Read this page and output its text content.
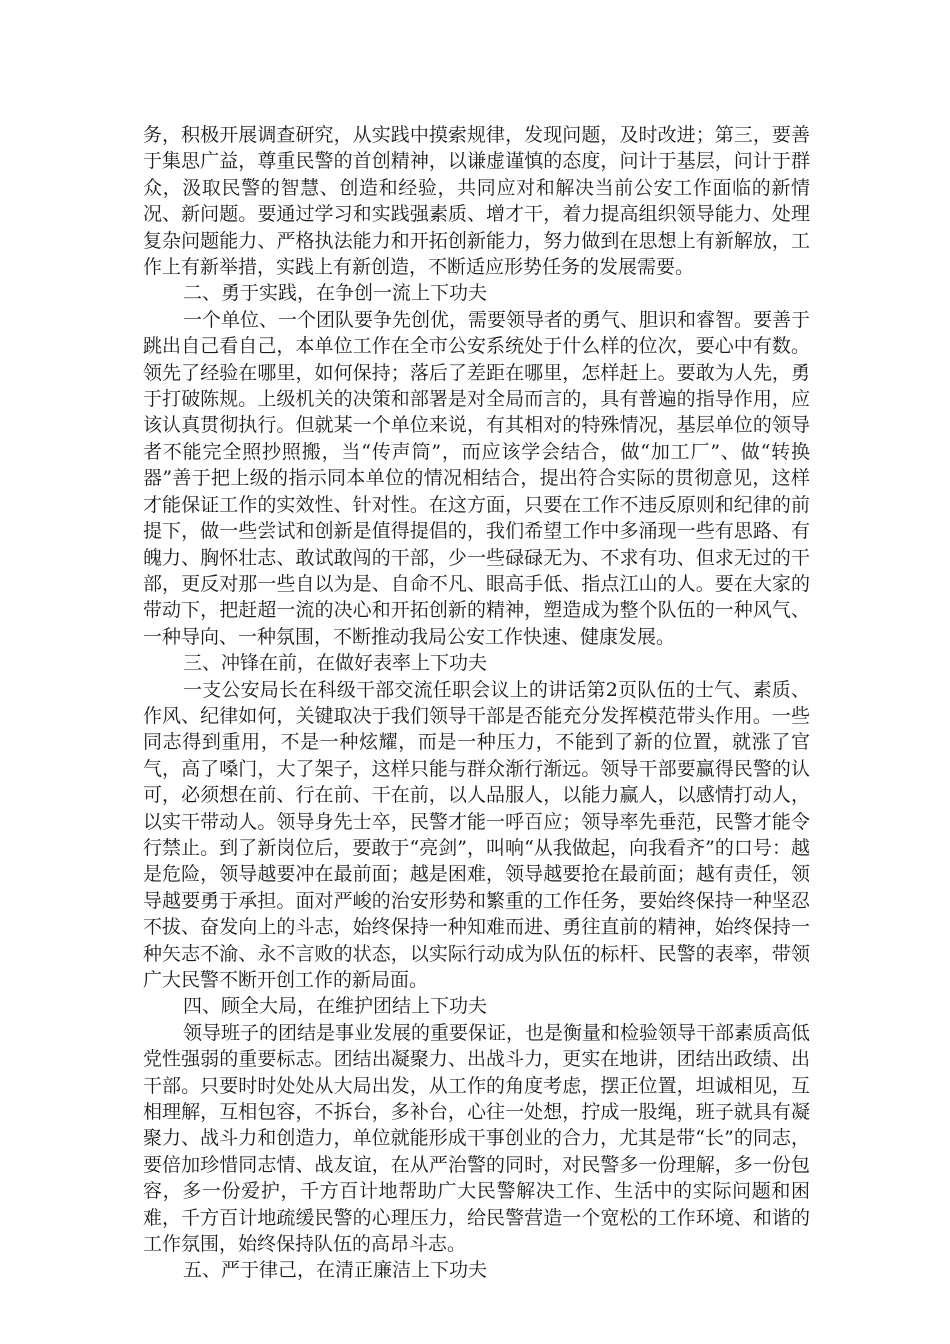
务，积极开展调查研究，从实践中摸索规律，发现问题，及时改进；第三，要善于集思广益，尊重民警的首创精神，以谦虚谨慎的态度，问计于基层，问计于群众，汲取民警的智慧、创造和经验，共同应对和解决当前公安工作面临的新情况、新问题。要通过学习和实践强素质、增才干，着力提高组织领导能力、处理复杂问题能力、严格执法能力和开拓创新能力，努力做到在思想上有新解放，工作上有新举措，实践上有新创造，不断适应形势任务的发展需要。

二、勇于实践，在争创一流上下功夫

一个单位、一个团队要争先创优，需要领导者的勇气、胆识和睿智。要善于跳出自己看自己，本单位工作在全市公安系统处于什么样的位次，要心中有数。领先了经验在哪里，如何保持；落后了差距在哪里，怎样赶上。要敢为人先，勇于打破陈规。上级机关的决策和部署是对全局而言的，具有普遍的指导作用，应该认真贯彻执行。但就某一个单位来说，有其相对的特殊情况，基层单位的领导者不能完全照抄照搬，当“传声筒”，而应该学会结合，做“加工厂”、做“转换器”善于把上级的指示同本单位的情况相结合，提出符合实际的贯彻意见，这样才能保证工作的实效性、针对性。在这方面，只要在工作不违反原则和纪律的前提下，做一些尝试和创新是值得提倡的，我们希望工作中多涌现一些有思路、有魄力、胸怀壮志、敢试敢闯的干部，少一些碌碌无为、不求有功、但求无过的干部，更反对那一些自以为是、自命不凡、眼高手低、指点江山的人。要在大家的带动下，把赶超一流的决心和开拓创新的精神，塑造成为整个队伍的一种风气、一种导向、一种氛围，不断推动我局公安工作快速、健康发展。

三、冲锋在前，在做好表率上下功夫

一支公安局长在科级干部交流任职会议上的讲话第2页队伍的士气、素质、作风、纪律如何，关键取决于我们领导干部是否能充分发挥模范带头作用。一些同志得到重用，不是一种炫耀，而是一种压力，不能到了新的位置，就涨了官气，高了嗓门，大了架子，这样只能与群众渐行渐远。领导干部要赢得民警的认可，必须想在前、行在前、干在前，以人品服人，以能力赢人，以感情打动人，以实干带动人。领导身先士卒，民警才能一呼百应；领导率先垂范，民警才能令行禁止。到了新岗位后，要敢于“亮剑”，叫响“从我做起，向我看齐”的口号：越是危险，领导越要冲在最前面；越是困难，领导越要抢在最前面；越有责任，领导越要勇于承担。面对严峻的治安形势和繁重的工作任务，要始终保持一种坚忍不拔、奋发向上的斗志，始终保持一种知难而进、勇往直前的精神，始终保持一种矢志不渝、永不言败的状态，以实际行动成为队伍的标杆、民警的表率，带领广大民警不断开创工作的新局面。

四、顾全大局，在维护团结上下功夫

领导班子的团结是事业发展的重要保证，也是衡量和检验领导干部素质高低党性强弱的重要标志。团结出凝聚力、出战斗力，更实在地讲，团结出政绩、出干部。只要时时处处从大局出发，从工作的角度考虑，摆正位置，坦诚相见，互相理解，互相包容，不拆台，多补台，心往一处想，拧成一股绳，班子就具有凝聚力、战斗力和创造力，单位就能形成干事创业的合力，尤其是带“长”的同志，要倍加珍惜同志情、战友谊，在从严治警的同时，对民警多一份理解，多一份包容，多一份爱护，千方百计地帮助广大民警解决工作、生活中的实际问题和困难，千方百计地疏缓民警的心理压力，给民警营造一个宽松的工作环境、和谐的工作氛围，始终保持队伍的高昂斗志。

五、严于律己，在清正廉洁上下功夫
